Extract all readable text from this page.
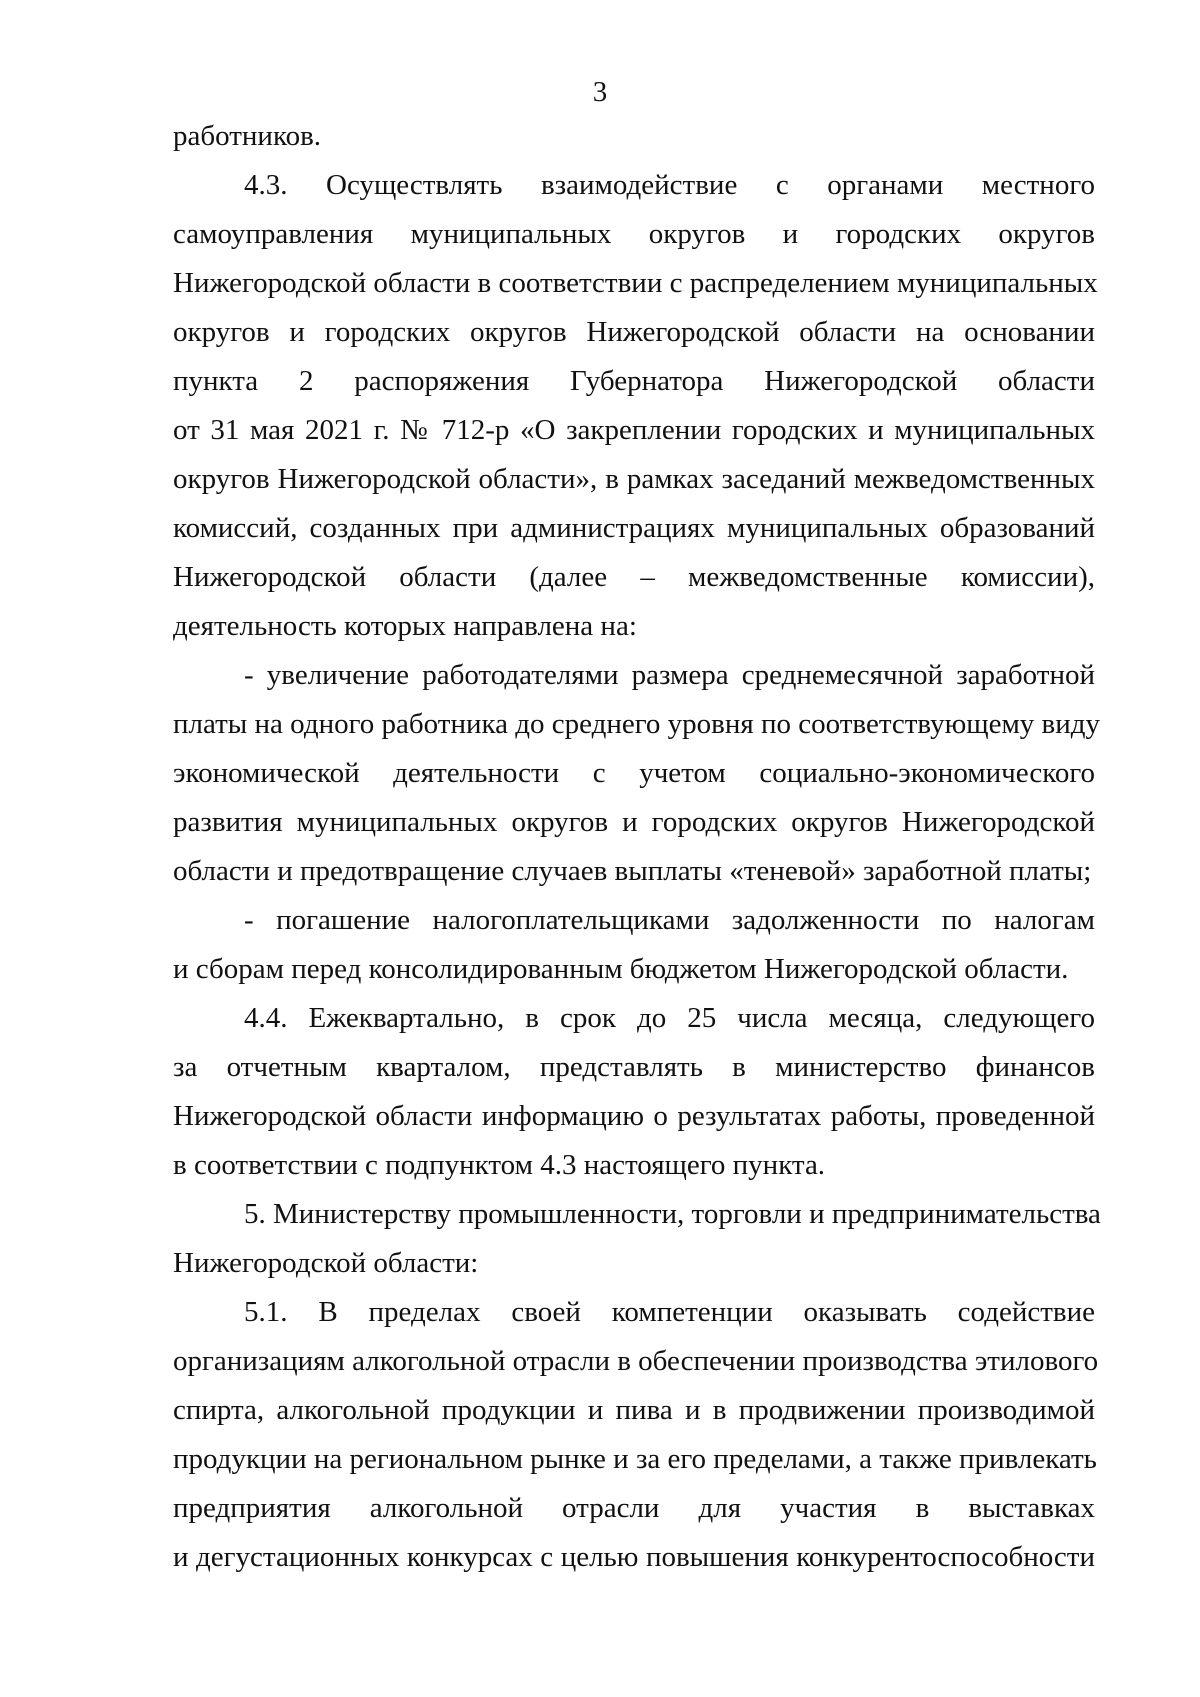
3
работников.
4.3. Осуществлять взаимодействие с органами местного
самоуправления муниципальных округов и городских округов
Нижегородской области в соответствии с распределением муниципальных
округов и городских округов Нижегородской области на основании
пункта 2 распоряжения Губернатора Нижегородской области
от 31 мая 2021 г. № 712-р «О закреплении городских и муниципальных
округов Нижегородской области», в рамках заседаний межведомственных
комиссий, созданных при администрациях муниципальных образований
Нижегородской области (далее – межведомственные комиссии),
деятельность которых направлена на:
- увеличение работодателями размера среднемесячной заработной
платы на одного работника до среднего уровня по соответствующему виду
экономической деятельности с учетом социально-экономического
развития муниципальных округов и городских округов Нижегородской
области и предотвращение случаев выплаты «теневой» заработной платы;
- погашение налогоплательщиками задолженности по налогам
и сборам перед консолидированным бюджетом Нижегородской области.
4.4. Ежеквартально, в срок до 25 числа месяца, следующего
за отчетным кварталом, представлять в министерство финансов
Нижегородской области информацию о результатах работы, проведенной
в соответствии с подпунктом 4.3 настоящего пункта.
5. Министерству промышленности, торговли и предпринимательства
Нижегородской области:
5.1. В пределах своей компетенции оказывать содействие
организациям алкогольной отрасли в обеспечении производства этилового
спирта, алкогольной продукции и пива и в продвижении производимой
продукции на региональном рынке и за его пределами, а также привлекать
предприятия алкогольной отрасли для участия в выставках
и дегустационных конкурсах с целью повышения конкурентоспособности
